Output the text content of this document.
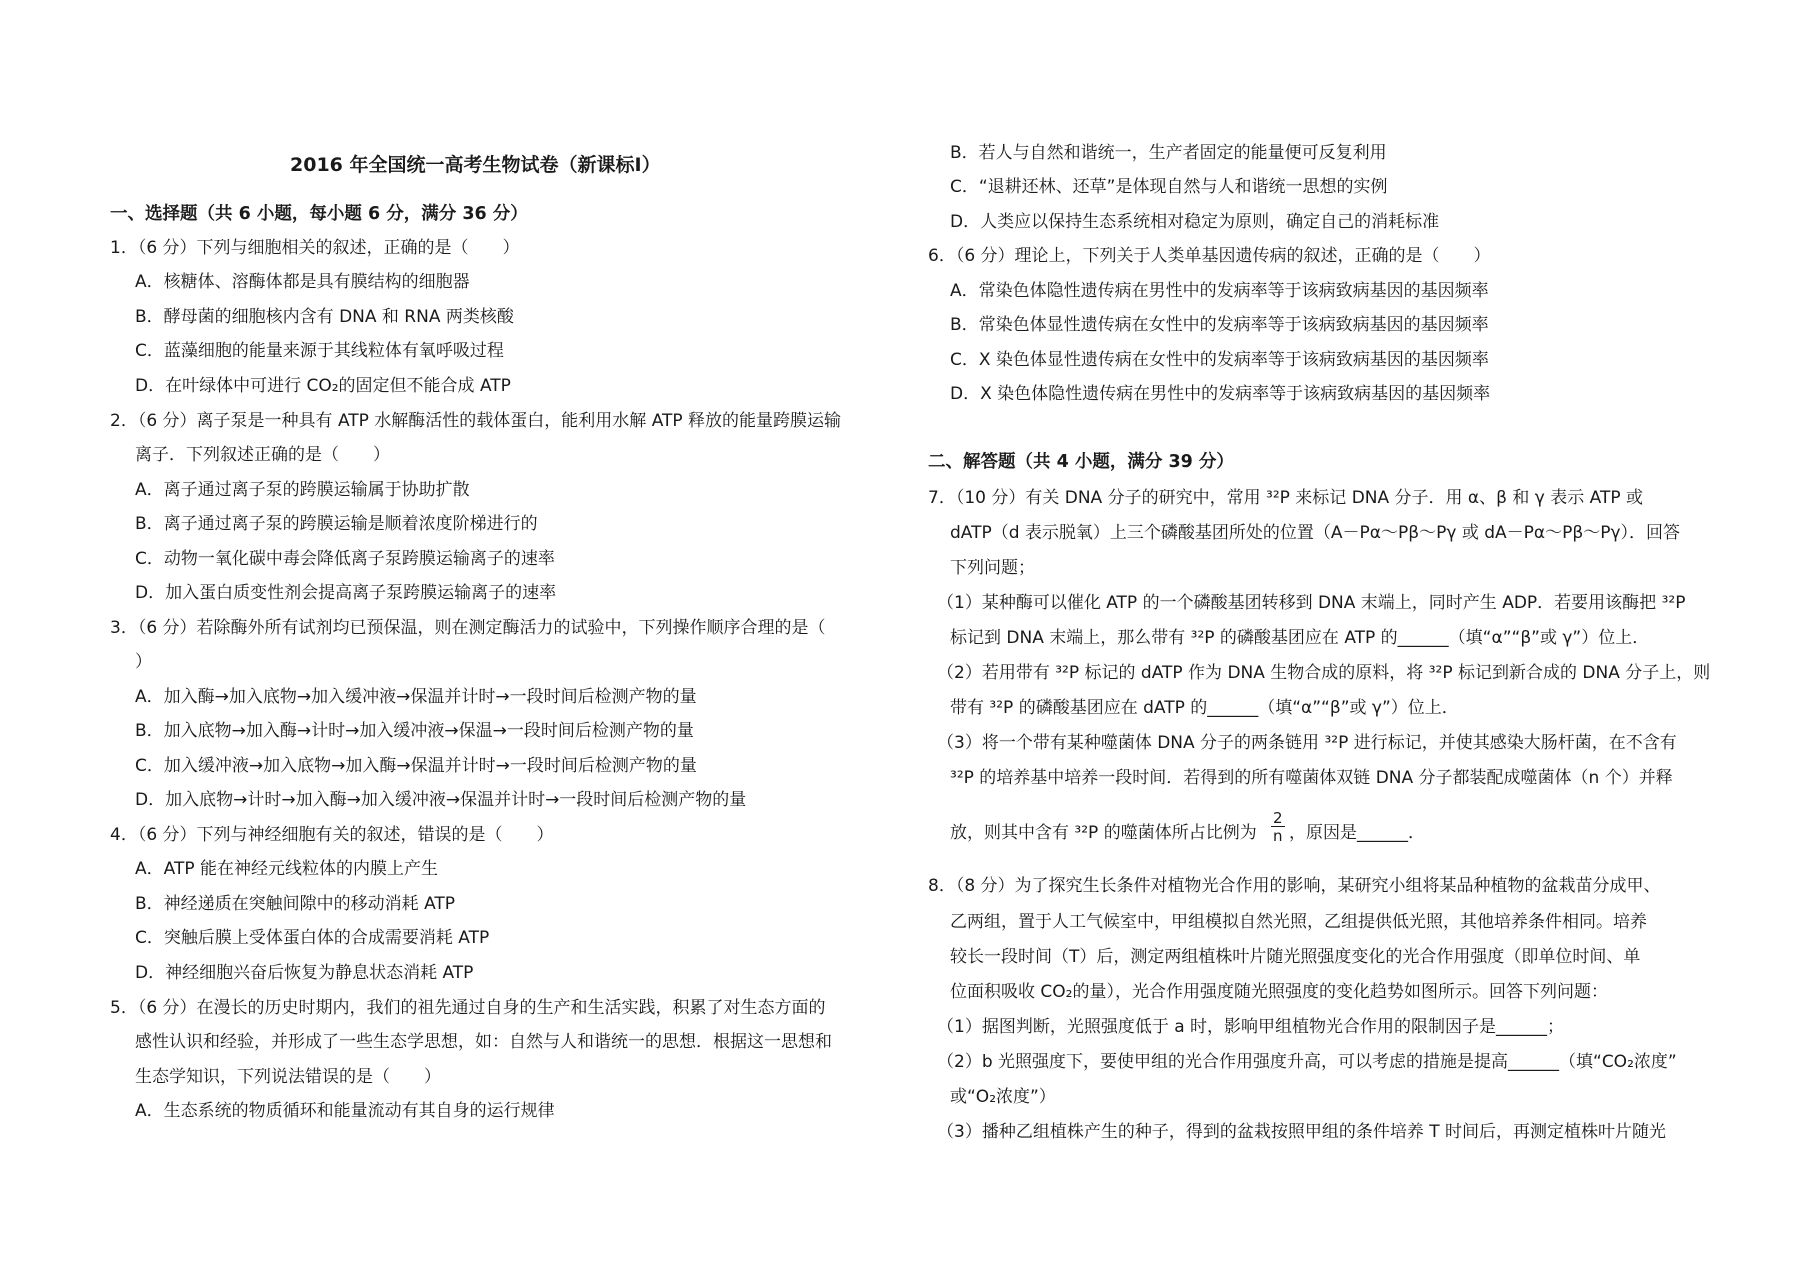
2016 年全国统一高考生物试卷（新课标Ⅰ）
一、选择题（共 6 小题，每小题 6 分，满分 36 分）
1．（6 分）下列与细胞相关的叙述，正确的是（　　）
A．核糖体、溶酶体都是具有膜结构的细胞器
B．酵母菌的细胞核内含有 DNA 和 RNA 两类核酸
C．蓝藻细胞的能量来源于其线粒体有氧呼吸过程
D．在叶绿体中可进行 CO₂的固定但不能合成 ATP
2．（6 分）离子泵是一种具有 ATP 水解酶活性的载体蛋白，能利用水解 ATP 释放的能量跨膜运输
离子．下列叙述正确的是（　　）
A．离子通过离子泵的跨膜运输属于协助扩散
B．离子通过离子泵的跨膜运输是顺着浓度阶梯进行的
C．动物一氧化碳中毒会降低离子泵跨膜运输离子的速率
D．加入蛋白质变性剂会提高离子泵跨膜运输离子的速率
3．（6 分）若除酶外所有试剂均已预保温，则在测定酶活力的试验中，下列操作顺序合理的是（
）
A．加入酶→加入底物→加入缓冲液→保温并计时→一段时间后检测产物的量
B．加入底物→加入酶→计时→加入缓冲液→保温→一段时间后检测产物的量
C．加入缓冲液→加入底物→加入酶→保温并计时→一段时间后检测产物的量
D．加入底物→计时→加入酶→加入缓冲液→保温并计时→一段时间后检测产物的量
4．（6 分）下列与神经细胞有关的叙述，错误的是（　　）
A．ATP 能在神经元线粒体的内膜上产生
B．神经递质在突触间隙中的移动消耗 ATP
C．突触后膜上受体蛋白体的合成需要消耗 ATP
D．神经细胞兴奋后恢复为静息状态消耗 ATP
5．（6 分）在漫长的历史时期内，我们的祖先通过自身的生产和生活实践，积累了对生态方面的
感性认识和经验，并形成了一些生态学思想，如：自然与人和谐统一的思想．根据这一思想和
生态学知识，下列说法错误的是（　　）
A．生态系统的物质循环和能量流动有其自身的运行规律
B．若人与自然和谐统一，生产者固定的能量便可反复利用
C．“退耕还林、还草”是体现自然与人和谐统一思想的实例
D．人类应以保持生态系统相对稳定为原则，确定自己的消耗标准
6．（6 分）理论上，下列关于人类单基因遗传病的叙述，正确的是（　　）
A．常染色体隐性遗传病在男性中的发病率等于该病致病基因的基因频率
B．常染色体显性遗传病在女性中的发病率等于该病致病基因的基因频率
C．X 染色体显性遗传病在女性中的发病率等于该病致病基因的基因频率
D．X 染色体隐性遗传病在男性中的发病率等于该病致病基因的基因频率
二、解答题（共 4 小题，满分 39 分）
7．（10 分）有关 DNA 分子的研究中，常用 ³²P 来标记 DNA 分子．用 α、β 和 γ 表示 ATP 或
dATP（d 表示脱氧）上三个磷酸基团所处的位置（A－Pα～Pβ～Pγ 或 dA－Pα～Pβ～Pγ）．回答
下列问题；
（1）某种酶可以催化 ATP 的一个磷酸基团转移到 DNA 末端上，同时产生 ADP．若要用该酶把 ³²P
标记到 DNA 末端上，那么带有 ³²P 的磷酸基团应在 ATP 的______（填“α”“β”或 γ”）位上．
（2）若用带有 ³²P 标记的 dATP 作为 DNA 生物合成的原料，将 ³²P 标记到新合成的 DNA 分子上，则
带有 ³²P 的磷酸基团应在 dATP 的______（填“α”“β”或 γ”）位上．
（3）将一个带有某种噬菌体 DNA 分子的两条链用 ³²P 进行标记，并使其感染大肠杆菌，在不含有
³²P 的培养基中培养一段时间．若得到的所有噬菌体双链 DNA 分子都装配成噬菌体（n 个）并释
放，则其中含有 ³²P 的噬菌体所占比例为 $\frac{2}{n}$ ，原因是______．
8．（8 分）为了探究生长条件对植物光合作用的影响，某研究小组将某品种植物的盆栽苗分成甲、
乙两组，置于人工气候室中，甲组模拟自然光照，乙组提供低光照，其他培养条件相同。培养
较长一段时间（T）后，测定两组植株叶片随光照强度变化的光合作用强度（即单位时间、单
位面积吸收 CO₂的量），光合作用强度随光照强度的变化趋势如图所示。回答下列问题：
（1）据图判断，光照强度低于 a 时，影响甲组植物光合作用的限制因子是______；
（2）b 光照强度下，要使甲组的光合作用强度升高，可以考虑的措施是提高______（填“CO₂浓度”
或“O₂浓度”）
（3）播种乙组植株产生的种子，得到的盆栽按照甲组的条件培养 T 时间后，再测定植株叶片随光
